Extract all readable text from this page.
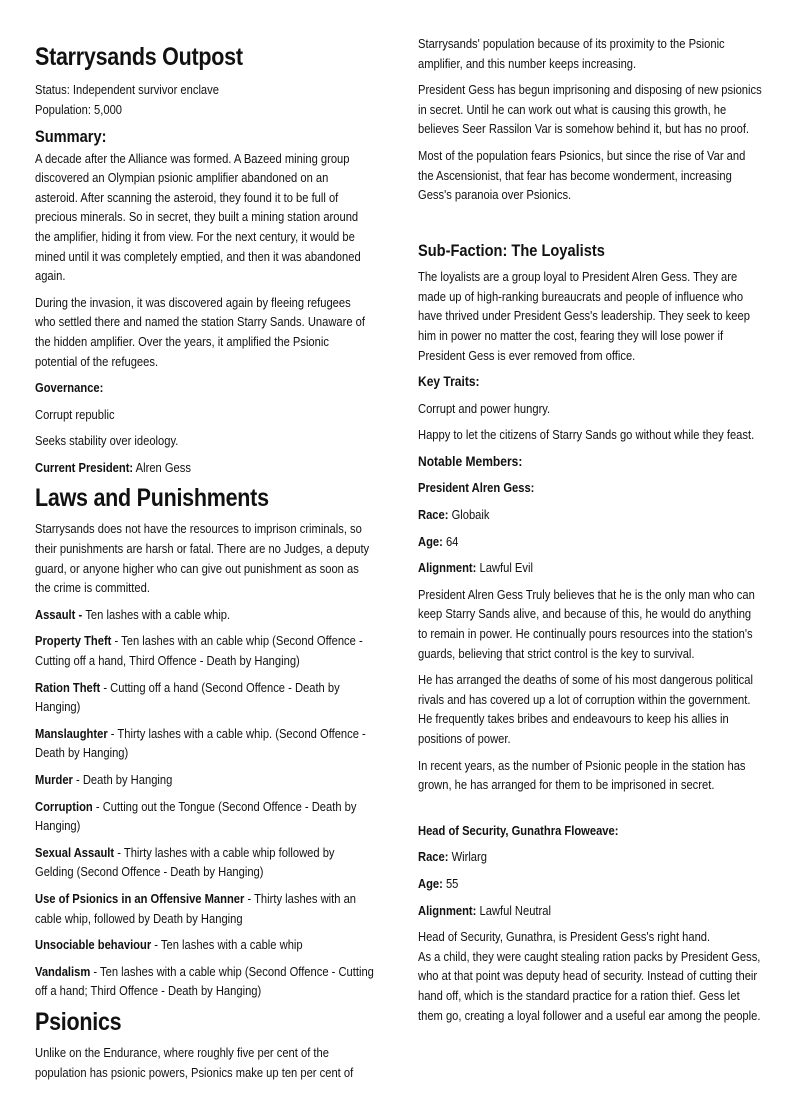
Starrysands Outpost

Status: Independent survivor enclave

Population: 5,000

Summary:

A decade after the Alliance was formed. A Bazeed mining group discovered an Olympian psionic amplifier abandoned on an asteroid. After scanning the asteroid, they found it to be full of precious minerals. So in secret, they built a mining station around the amplifier, hiding it from view. For the next century, it would be mined until it was completely emptied, and then it was abandoned again.

During the invasion, it was discovered again by fleeing refugees who settled there and named the station Starry Sands. Unaware of the hidden amplifier. Over the years, it amplified the Psionic potential of the refugees.

Governance:

Corrupt republic

Seeks stability over ideology.

Current President: Alren Gess

Laws and Punishments

Starrysands does not have the resources to imprison criminals, so their punishments are harsh or fatal. There are no Judges, a deputy guard, or anyone higher who can give out punishment as soon as the crime is committed.

Assault - Ten lashes with a cable whip.

Property Theft - Ten lashes with an cable whip (Second Offence - Cutting off a hand, Third Offence - Death by Hanging)

Ration Theft - Cutting off a hand (Second Offence - Death by Hanging)

Manslaughter - Thirty lashes with a cable whip. (Second Offence - Death by Hanging)

Murder - Death by Hanging

Corruption - Cutting out the Tongue (Second Offence - Death by Hanging)

Sexual Assault - Thirty lashes with a cable whip followed by Gelding (Second Offence - Death by Hanging)

Use of Psionics in an Offensive Manner - Thirty lashes with an cable whip, followed by Death by Hanging

Unsociable behaviour - Ten lashes with a cable whip

Vandalism - Ten lashes with a cable whip (Second Offence - Cutting off a hand; Third Offence - Death by Hanging)

Psionics

Unlike on the Endurance, where roughly five per cent of the population has psionic powers, Psionics make up ten per cent of

Starrysands' population because of its proximity to the Psionic amplifier, and this number keeps increasing.

President Gess has begun imprisoning and disposing of new psionics in secret. Until he can work out what is causing this growth, he believes Seer Rassilon Var is somehow behind it, but has no proof.

Most of the population fears Psionics, but since the rise of Var and the Ascensionist, that fear has become wonderment, increasing Gess's paranoia over Psionics.

Sub-Faction: The Loyalists

The loyalists are a group loyal to President Alren Gess. They are made up of high-ranking bureaucrats and people of influence who have thrived under President Gess's leadership. They seek to keep him in power no matter the cost, fearing they will lose power if President Gess is ever removed from office.

Key Traits:

Corrupt and power hungry.

Happy to let the citizens of Starry Sands go without while they feast.

Notable Members:

President Alren Gess:

Race: Globaik

Age: 64

Alignment: Lawful Evil

President Alren Gess Truly believes that he is the only man who can keep Starry Sands alive, and because of this, he would do anything to remain in power. He continually pours resources into the station's guards, believing that strict control is the key to survival.

He has arranged the deaths of some of his most dangerous political rivals and has covered up a lot of corruption within the government. He frequently takes bribes and endeavours to keep his allies in positions of power.

In recent years, as the number of Psionic people in the station has grown, he has arranged for them to be imprisoned in secret.

Head of Security, Gunathra Floweave:

Race: Wirlarg

Age: 55

Alignment: Lawful Neutral

Head of Security, Gunathra, is President Gess's right hand.

As a child, they were caught stealing ration packs by President Gess, who at that point was deputy head of security. Instead of cutting their hand off, which is the standard practice for a ration thief. Gess let them go, creating a loyal follower and a useful ear among the people.
